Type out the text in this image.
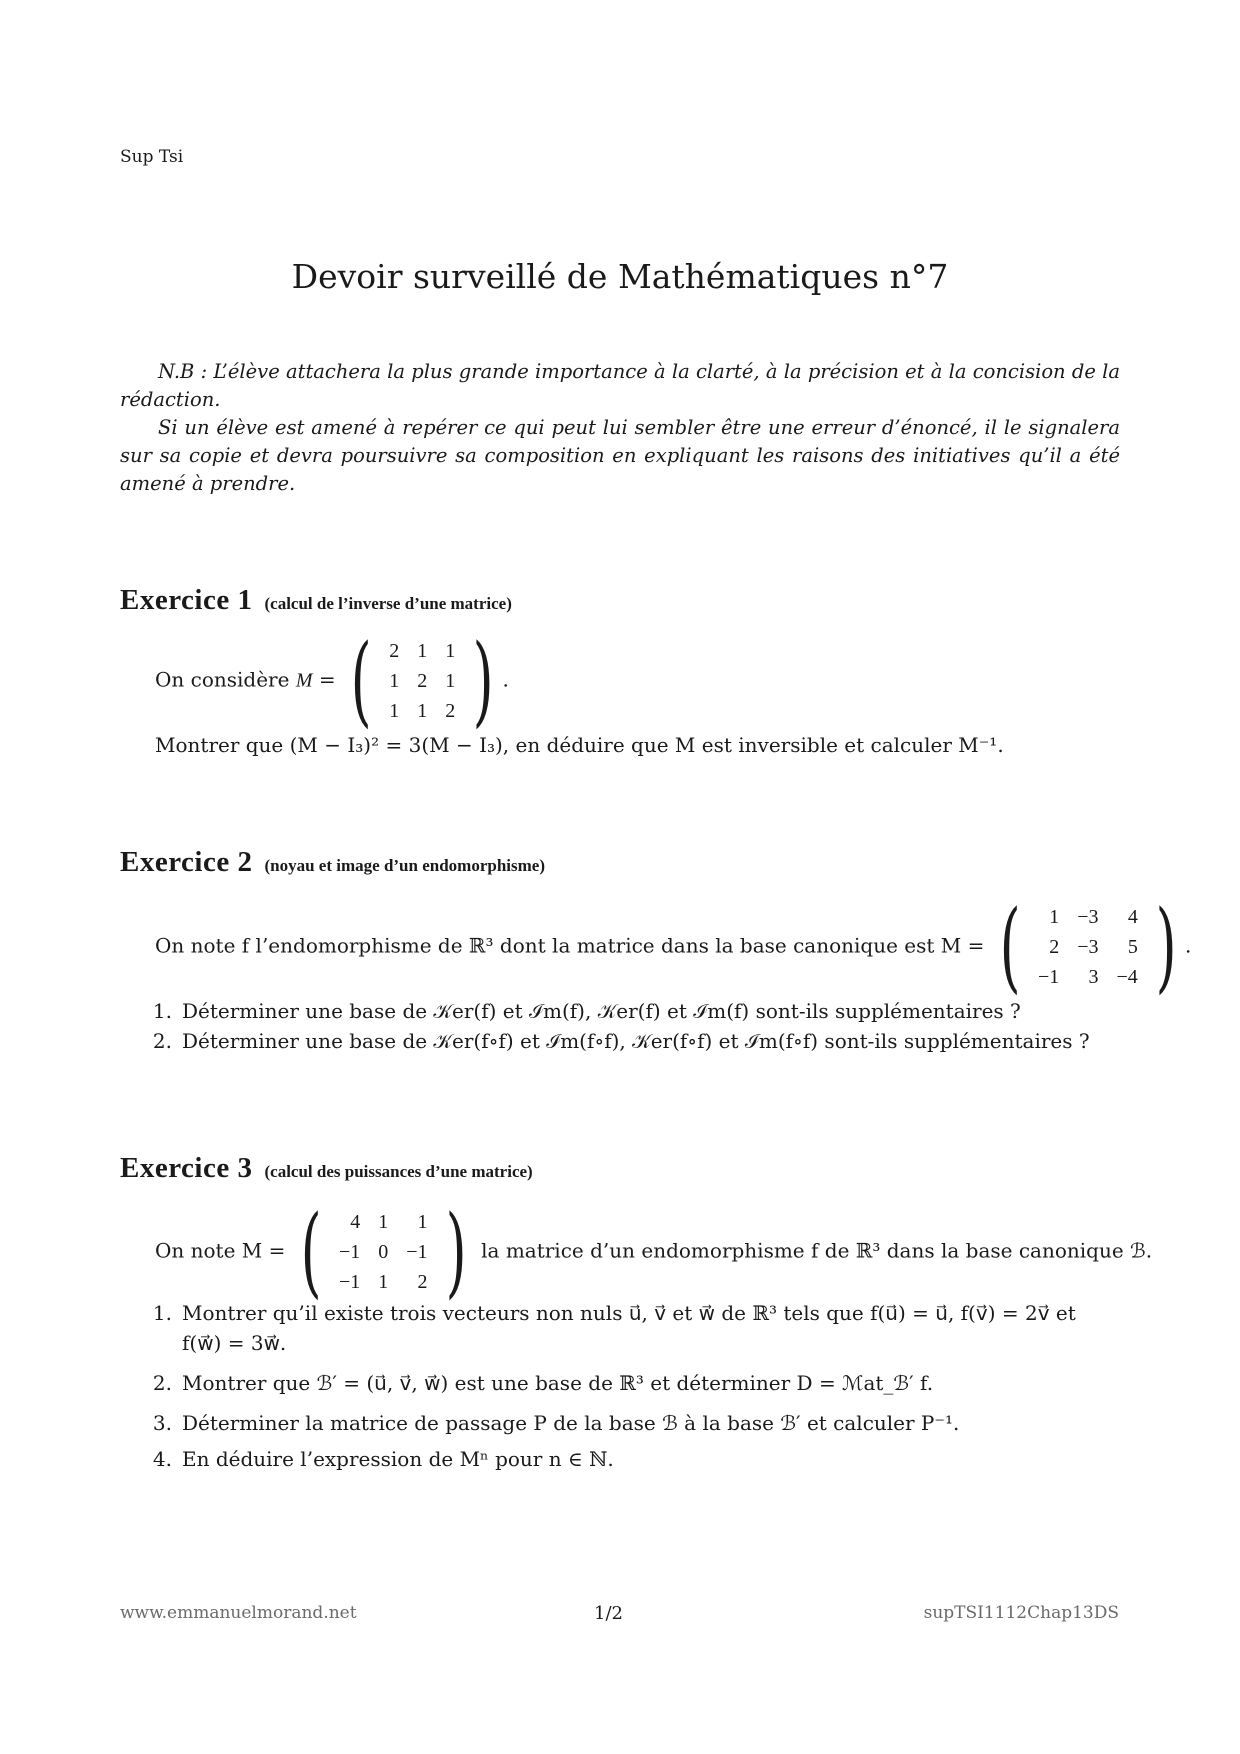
Sup Tsi
Devoir surveillé de Mathématiques n°7

N.B : L’élève attachera la plus grande importance à la clarté, à la précision et à la concision de la rédaction.

Si un élève est amené à repérer ce qui peut lui sembler être une erreur d’énoncé, il le signalera sur sa copie et devra poursuivre sa composition en expliquant les raisons des initiatives qu’il a été amené à prendre.

Exercice 1 (calcul de l’inverse d’une matrice)
On considère M = ( 2	1	1
1	2	1
1	1	2 ) .
Montrer que (M − I₃)² = 3(M − I₃), en déduire que M est inversible et calculer M⁻¹.
Exercice 2 (noyau et image d’un endomorphisme)
On note f l’endomorphisme de ℝ³ dont la matrice dans la base canonique est M = ( 1	−3	4
2	−3	5
−1	3	−4 ) .
1. Déterminer une base de 𝒦er(f) et ℐm(f), 𝒦er(f) et ℐm(f) sont-ils supplémentaires ?
2. Déterminer une base de 𝒦er(f∘f) et ℐm(f∘f), 𝒦er(f∘f) et ℐm(f∘f) sont-ils supplémentaires ?
Exercice 3 (calcul des puissances d’une matrice)
On note M = ( 4	1	1
−1	0	−1
−1	1	2 ) la matrice d’un endomorphisme f de ℝ³ dans la base canonique ℬ.
1. Montrer qu’il existe trois vecteurs non nuls u⃗, v⃗ et w⃗ de ℝ³ tels que f(u⃗) = u⃗, f(v⃗) = 2v⃗ et f(w⃗) = 3w⃗.
2. Montrer que ℬ′ = (u⃗, v⃗, w⃗) est une base de ℝ³ et déterminer D = ℳat_ℬ′ f.
3. Déterminer la matrice de passage P de la base ℬ à la base ℬ′ et calculer P⁻¹.
4. En déduire l’expression de Mⁿ pour n ∈ ℕ.
www.emmanuelmorand.net	1/2	supTSI1112Chap13DS
